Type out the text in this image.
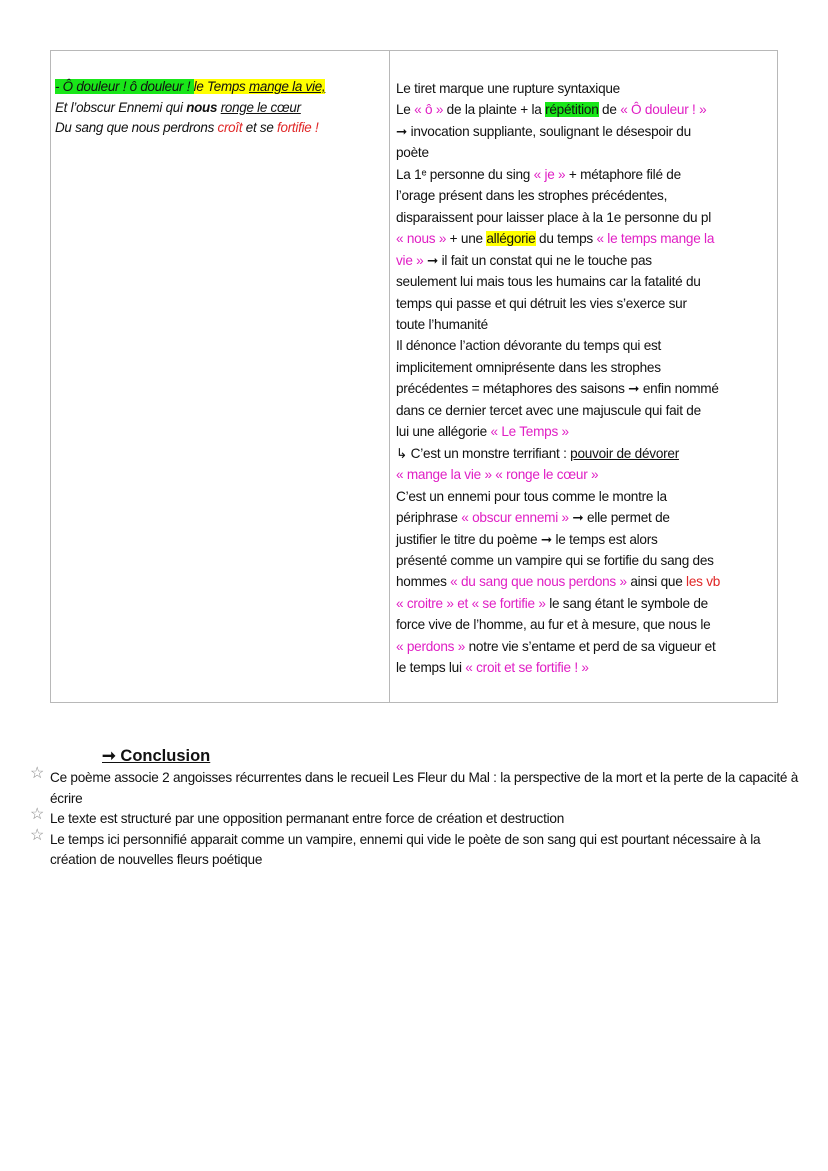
- Ô douleur ! ô douleur ! le Temps mange la vie,
Et l’obscur Ennemi qui nous ronge le cœur
Du sang que nous perdrons croît et se fortifie !
Le tiret marque une rupture syntaxique
Le « ô » de la plainte + la répétition de « Ô douleur ! »
➞ invocation suppliante, soulignant le désespoir du
poète
La 1ᵉ personne du sing « je » + métaphore filé de
l’orage présent dans les strophes précédentes,
disparaissent pour laisser place à la 1e personne du pl
« nous » + une allégorie du temps « le temps mange la
vie » ➞ il fait un constat qui ne le touche pas
seulement lui mais tous les humains car la fatalité du
temps qui passe et qui détruit les vies s’exerce sur
toute l’humanité
Il dénonce l’action dévorante du temps qui est
implicitement omniprésente dans les strophes
précédentes = métaphores des saisons ➞ enfin nommé
dans ce dernier tercet avec une majuscule qui fait de
lui une allégorie « Le Temps »
↳ C’est un monstre terrifiant : pouvoir de dévorer
« mange la vie » « ronge le cœur »
C’est un ennemi pour tous comme le montre la
périphrase « obscur ennemi » ➞ elle permet de
justifier le titre du poème ➞ le temps est alors
présenté comme un vampire qui se fortifie du sang des
hommes « du sang que nous perdons » ainsi que les vb
« croitre » et « se fortifie » le sang étant le symbole de
force vive de l’homme, au fur et à mesure, que nous le
« perdons » notre vie s’entame et perd de sa vigueur et
le temps lui « croit et se fortifie ! »
➞ Conclusion
☆ Ce poème associe 2 angoisses récurrentes dans le recueil Les Fleur du Mal : la perspective de la mort et la perte de la capacité à écrire
☆ Le texte est structuré par une opposition permanant entre force de création et destruction
☆ Le temps ici personnifié apparait comme un vampire, ennemi qui vide le poète de son sang qui est pourtant nécessaire à la création de nouvelles fleurs poétique
